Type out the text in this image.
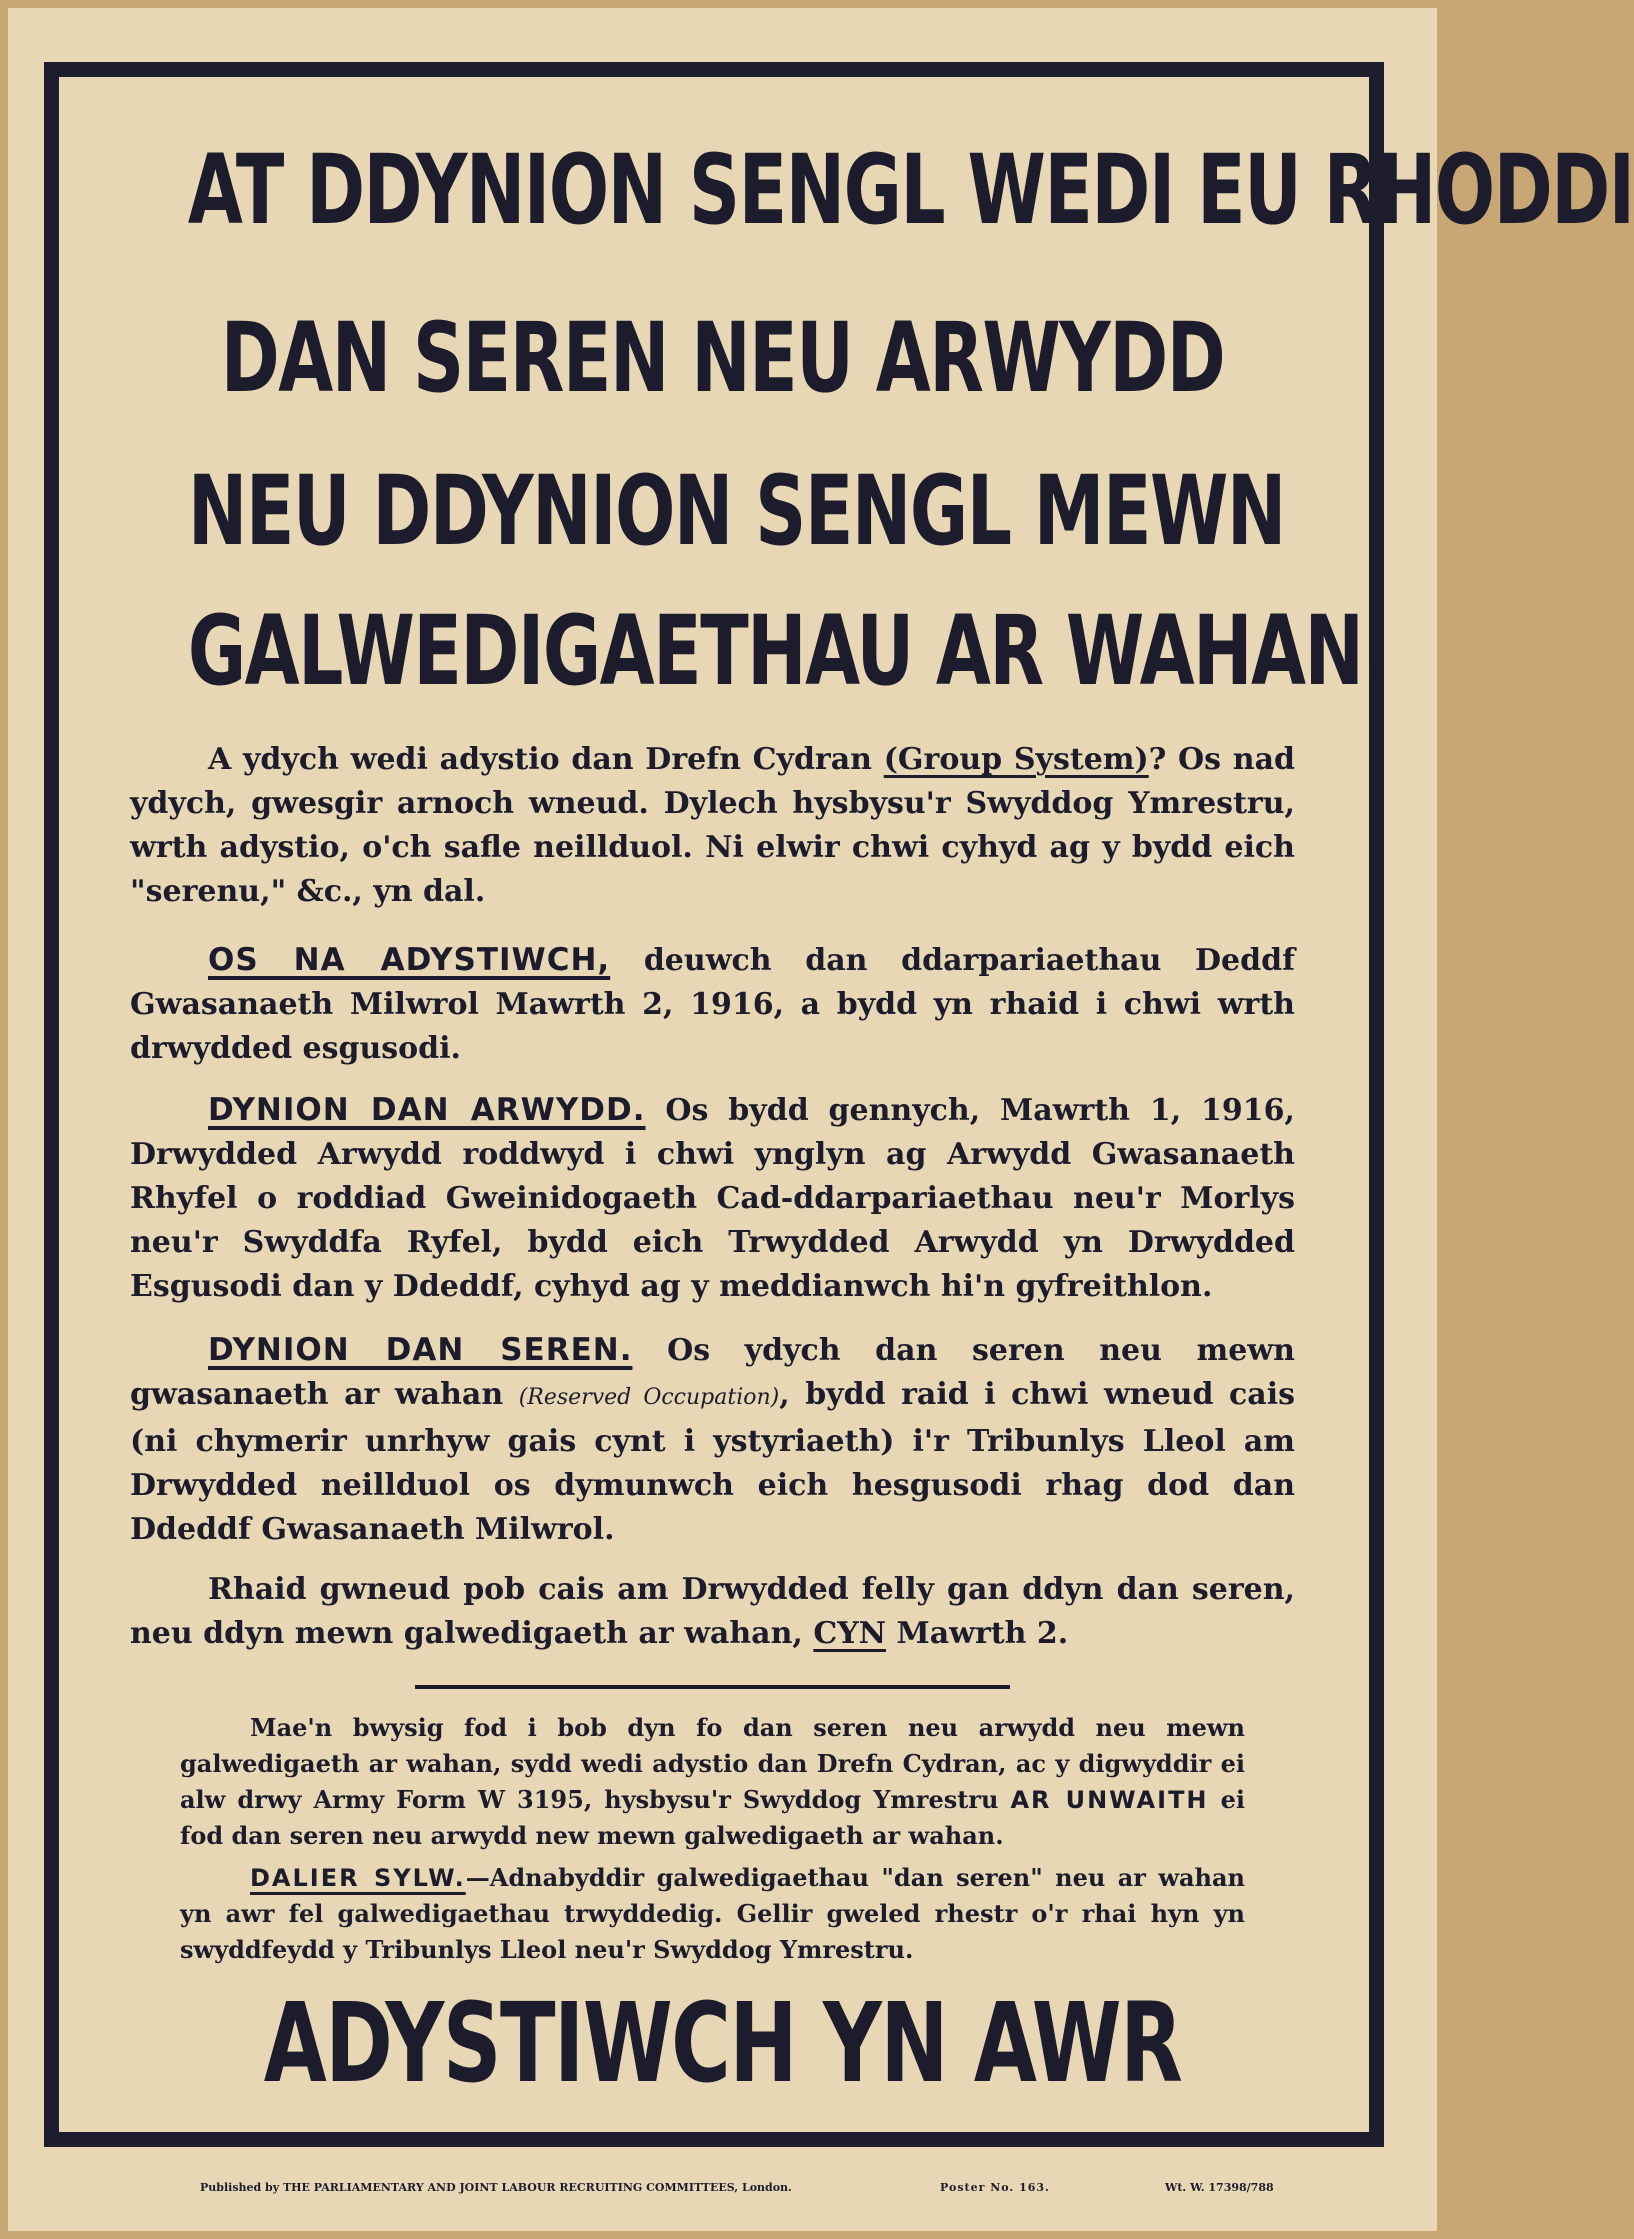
AT DDYNION SENGL WEDI EU RHODDI
DAN SEREN NEU ARWYDD
NEU DDYNION SENGL MEWN
GALWEDIGAETHAU AR WAHAN.
A ydych wedi adystio dan Drefn Cydran (Group System)? Os nad ydych, gwesgir arnoch wneud. Dylech hysbysu'r Swyddog Ymrestru, wrth adystio, o'ch safle neillduol. Ni elwir chwi cyhyd ag y bydd eich "serenu," &c., yn dal.
OS NA ADYSTIWCH, deuwch dan ddarpariaethau Deddf Gwasanaeth Milwrol Mawrth 2, 1916, a bydd yn rhaid i chwi wrth drwydded esgusodi.
DYNION DAN ARWYDD. Os bydd gennych, Mawrth 1, 1916, Drwydded Arwydd roddwyd i chwi ynglyn ag Arwydd Gwasanaeth Rhyfel o roddiad Gweinidogaeth Cad-ddarpariaethau neu'r Morlys neu'r Swyddfa Ryfel, bydd eich Trwydded Arwydd yn Drwydded Esgusodi dan y Ddeddf, cyhyd ag y meddianwch hi'n gyfreithlon.
DYNION DAN SEREN. Os ydych dan seren neu mewn gwasanaeth ar wahan (Reserved Occupation), bydd raid i chwi wneud cais (ni chymerir unrhyw gais cynt i ystyriaeth) i'r Tribunlys Lleol am Drwydded neillduol os dymunwch eich hesgusodi rhag dod dan Ddeddf Gwasanaeth Milwrol.
Rhaid gwneud pob cais am Drwydded felly gan ddyn dan seren, neu ddyn mewn galwedigaeth ar wahan, CYN Mawrth 2.
Mae'n bwysig fod i bob dyn fo dan seren neu arwydd neu mewn galwedigaeth ar wahan, sydd wedi adystio dan Drefn Cydran, ac y digwyddir ei alw drwy Army Form W 3195, hysbysu'r Swyddog Ymrestru AR UNWAITH ei fod dan seren neu arwydd new mewn galwedigaeth ar wahan.
DALIER SYLW.—Adnabyddir galwedigaethau "dan seren" neu ar wahan yn awr fel galwedigaethau trwyddedig. Gellir gweled rhestr o'r rhai hyn yn swyddfeydd y Tribunlys Lleol neu'r Swyddog Ymrestru.
ADYSTIWCH YN AWR
Published by THE PARLIAMENTARY AND JOINT LABOUR RECRUITING COMMITTEES, London.	Poster No. 163.	Wt. W. 17398/788
